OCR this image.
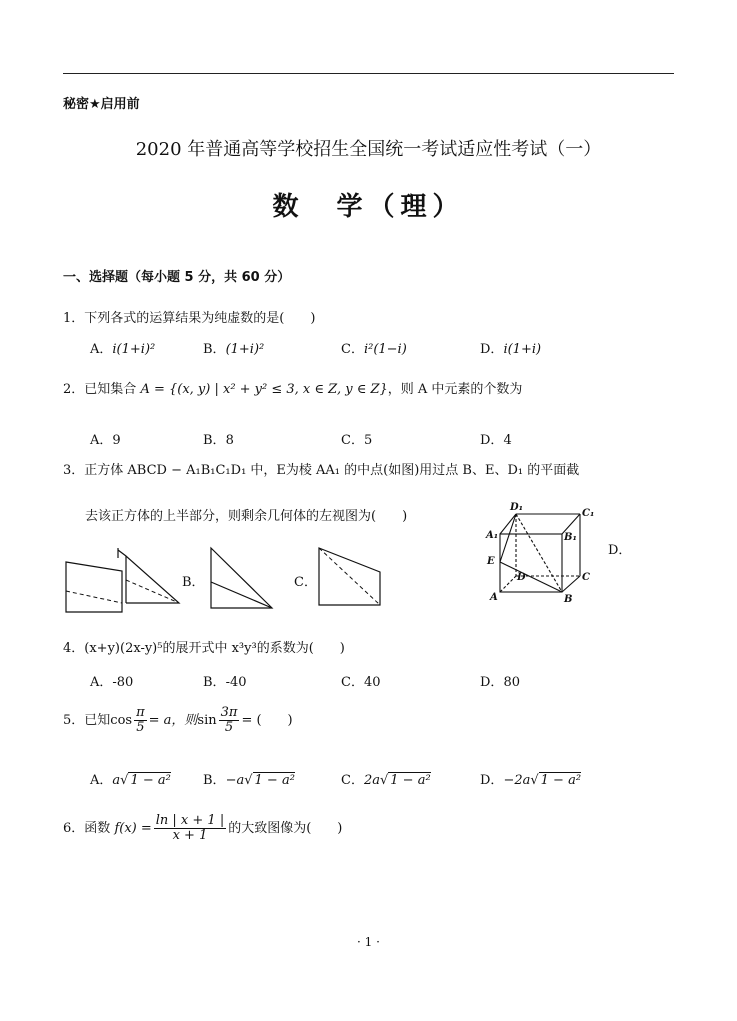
秘密★启用前
2020 年普通高等学校招生全国统一考试适应性考试（一）
数　学（理）
一、选择题（每小题 5 分，共 60 分）
1．下列各式的运算结果为纯虚数的是(　　)
A．i(1+i)²	B．(1+i)²	C．i²(1−i)	D．i(1+i)
2．已知集合 A = {(x, y) | x² + y² ≤ 3, x ∈ Z, y ∈ Z}，则 A 中元素的个数为
A．9	B．8	C．5	D．4
3．正方体 ABCD − A₁B₁C₁D₁ 中，E为棱 AA₁ 的中点(如图)用过点 B、E、D₁ 的平面截
去该正方体的上半部分，则剩余几何体的左视图为(　　)
B．	C．
D．
D₁
C₁
A₁	B₁
E
D	C
A	B
4．(x+y)(2x-y)⁵的展开式中 x³y³的系数为(　　)
A．-80	B．-40	C．40	D．80
5．已知$\cos \frac{\pi}{5} = a$，则$\sin \frac{3\pi}{5}$ = (　　)
A．a√ 1 − a² B．−a√ 1 − a²	C．2a√ 1 − a²	D．−2a√ 1 − a²
6．函数 $f(x) = \frac{\ln | x + 1 |}{x + 1}$ 的大致图像为(　　)
· 1 ·
